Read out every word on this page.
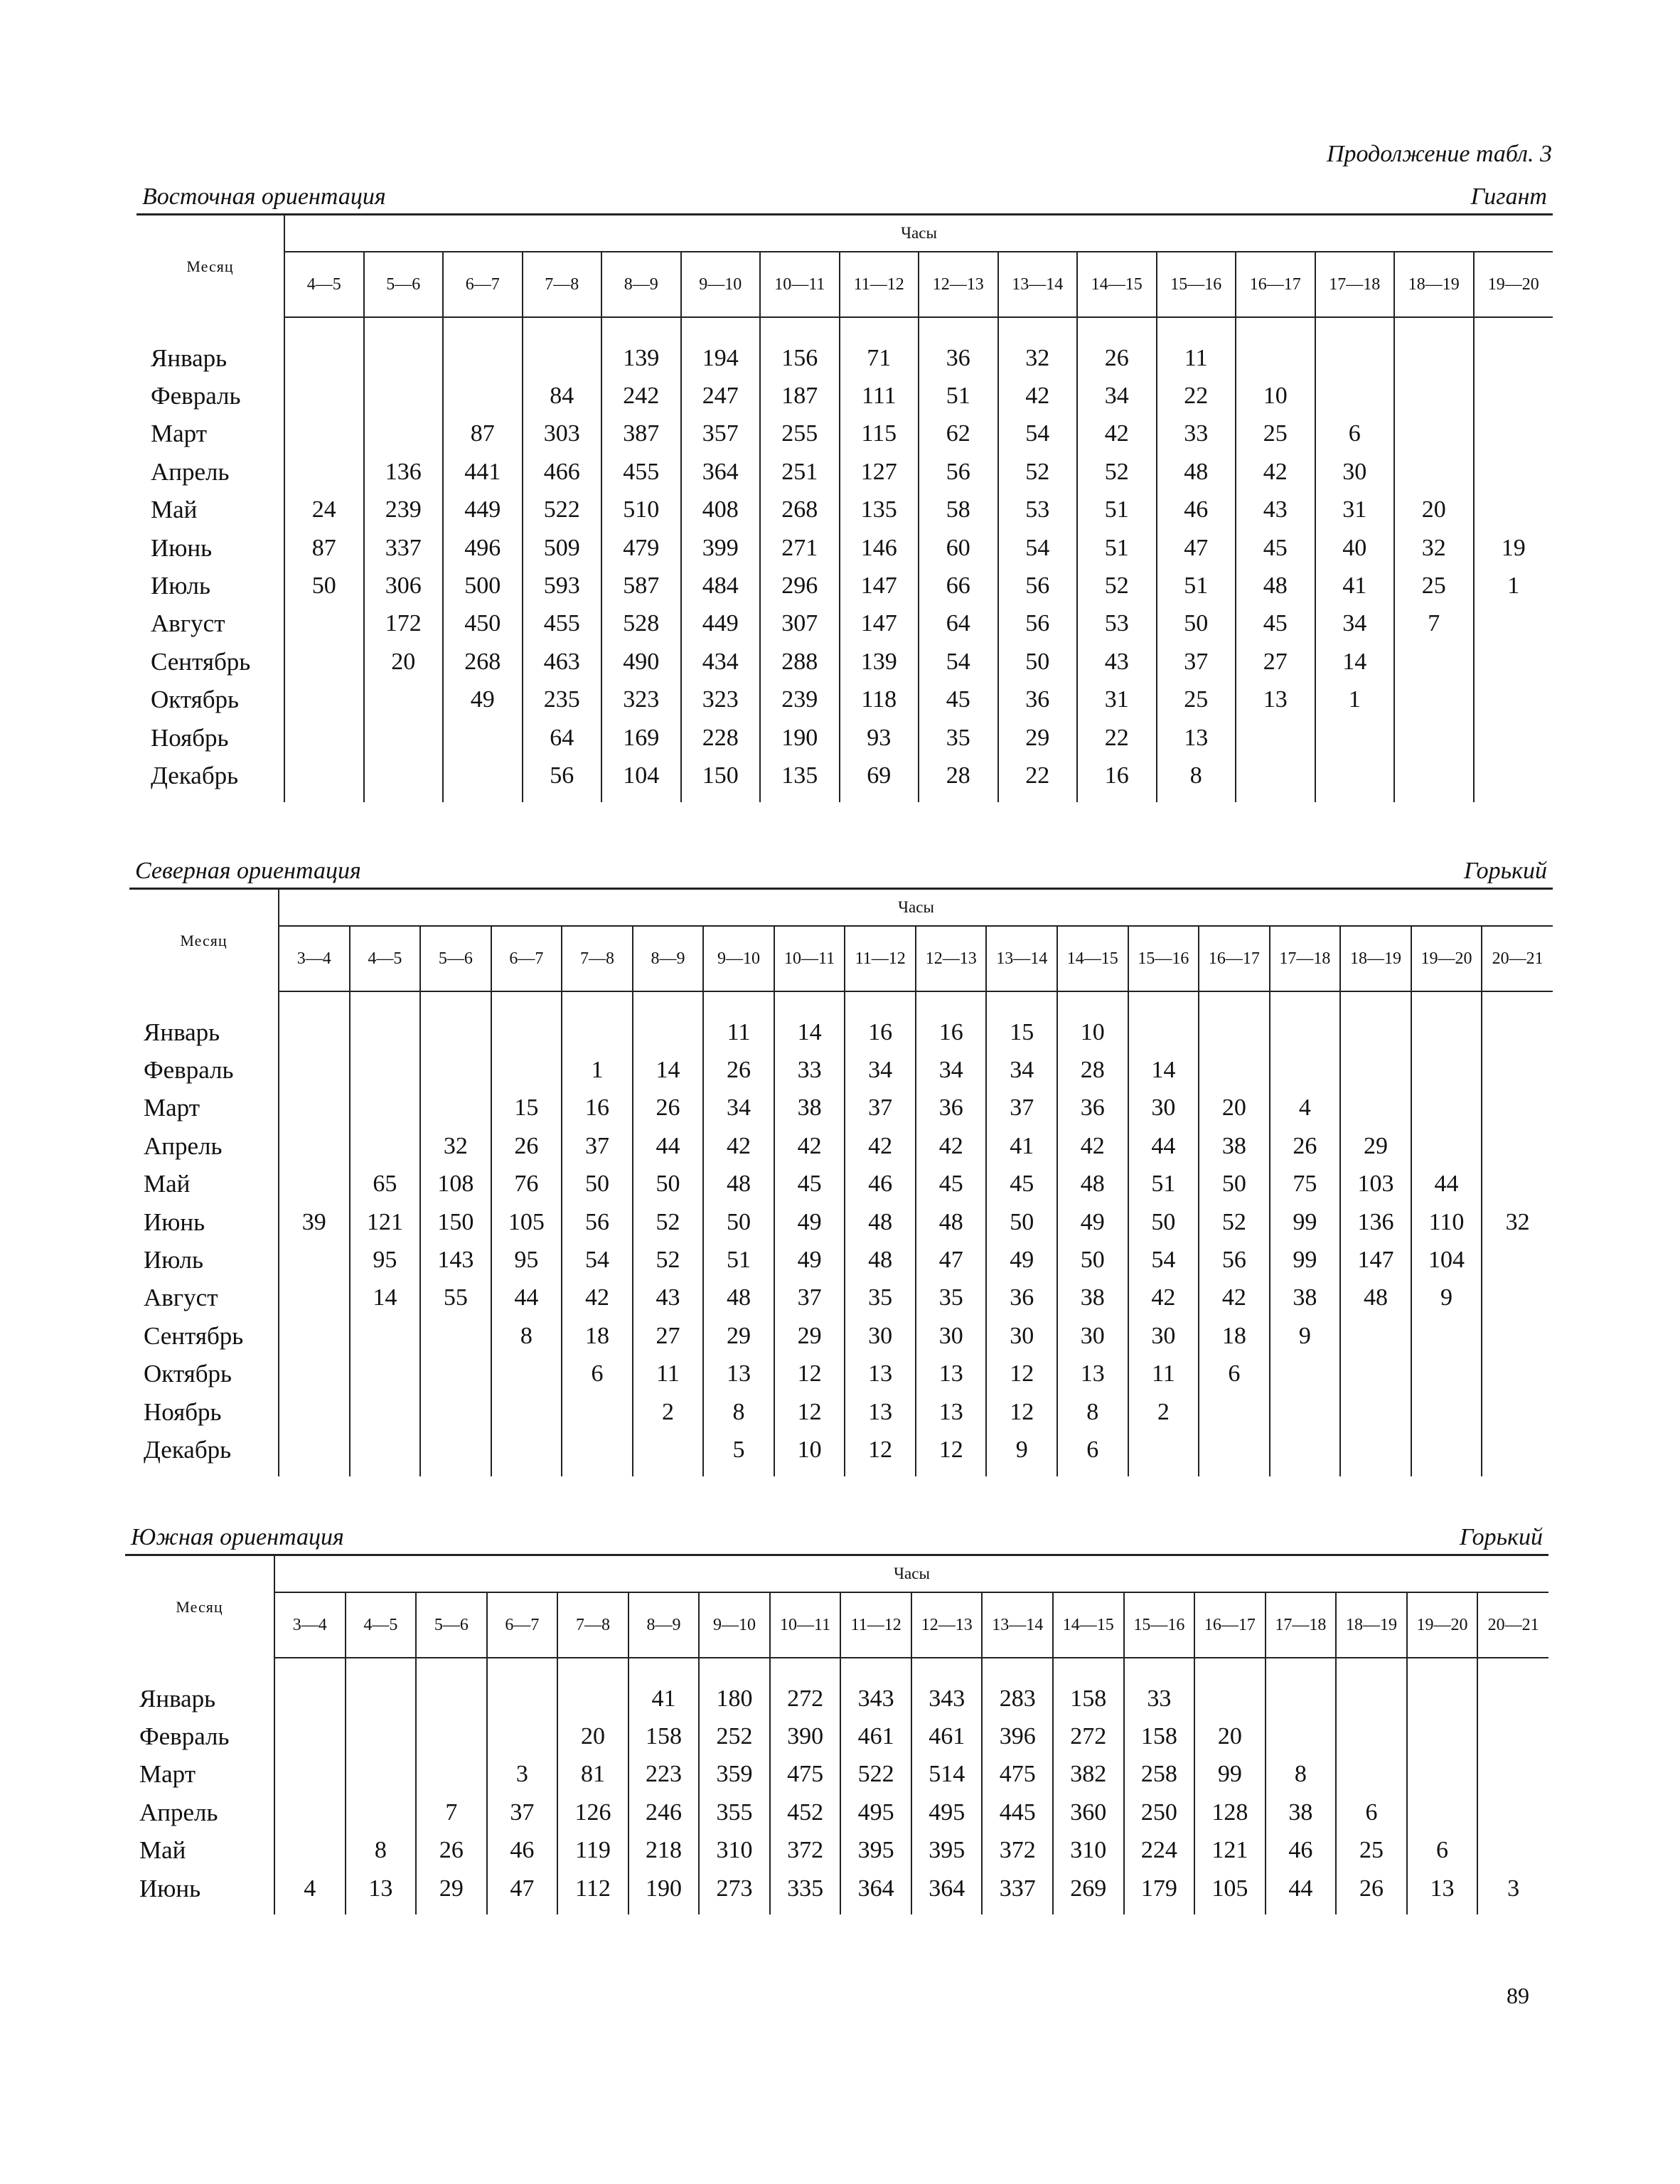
Продолжение табл. 3
Восточная ориентация	Гигант
Месяц	Часы															
	4—5	5—6	6—7	7—8	8—9	9—10	10—11	11—12	12—13	13—14	14—15	15—16	16—17	17—18	18—19	19—20

Январь					139	194	156	71	36	32	26	11				
Февраль				84	242	247	187	111	51	42	34	22	10			
Март			87	303	387	357	255	115	62	54	42	33	25	6		
Апрель		136	441	466	455	364	251	127	56	52	52	48	42	30		
Май	24	239	449	522	510	408	268	135	58	53	51	46	43	31	20	
Июнь	87	337	496	509	479	399	271	146	60	54	51	47	45	40	32	19
Июль	50	306	500	593	587	484	296	147	66	56	52	51	48	41	25	1
Август		172	450	455	528	449	307	147	64	56	53	50	45	34	7	
Сентябрь		20	268	463	490	434	288	139	54	50	43	37	27	14		
Октябрь			49	235	323	323	239	118	45	36	31	25	13	1		
Ноябрь				64	169	228	190	93	35	29	22	13				
Декабрь				56	104	150	135	69	28	22	16	8				
Северная ориентация	Горький
Месяц	Часы																	
	3—4	4—5	5—6	6—7	7—8	8—9	9—10	10—11	11—12	12—13	13—14	14—15	15—16	16—17	17—18	18—19	19—20	20—21

Январь							11	14	16	16	15	10						
Февраль					1	14	26	33	34	34	34	28	14					
Март				15	16	26	34	38	37	36	37	36	30	20	4			
Апрель			32	26	37	44	42	42	42	42	41	42	44	38	26	29		
Май		65	108	76	50	50	48	45	46	45	45	48	51	50	75	103	44	
Июнь	39	121	150	105	56	52	50	49	48	48	50	49	50	52	99	136	110	32
Июль		95	143	95	54	52	51	49	48	47	49	50	54	56	99	147	104	
Август		14	55	44	42	43	48	37	35	35	36	38	42	42	38	48	9	
Сентябрь				8	18	27	29	29	30	30	30	30	30	18	9			
Октябрь					6	11	13	12	13	13	12	13	11	6				
Ноябрь						2	8	12	13	13	12	8	2					
Декабрь							5	10	12	12	9	6						
Южная ориентация	Горький
Месяц	Часы																	
	3—4	4—5	5—6	6—7	7—8	8—9	9—10	10—11	11—12	12—13	13—14	14—15	15—16	16—17	17—18	18—19	19—20	20—21

Январь						41	180	272	343	343	283	158	33					
Февраль					20	158	252	390	461	461	396	272	158	20				
Март				3	81	223	359	475	522	514	475	382	258	99	8			
Апрель			7	37	126	246	355	452	495	495	445	360	250	128	38	6		
Май		8	26	46	119	218	310	372	395	395	372	310	224	121	46	25	6	
Июнь	4	13	29	47	112	190	273	335	364	364	337	269	179	105	44	26	13	3
89
